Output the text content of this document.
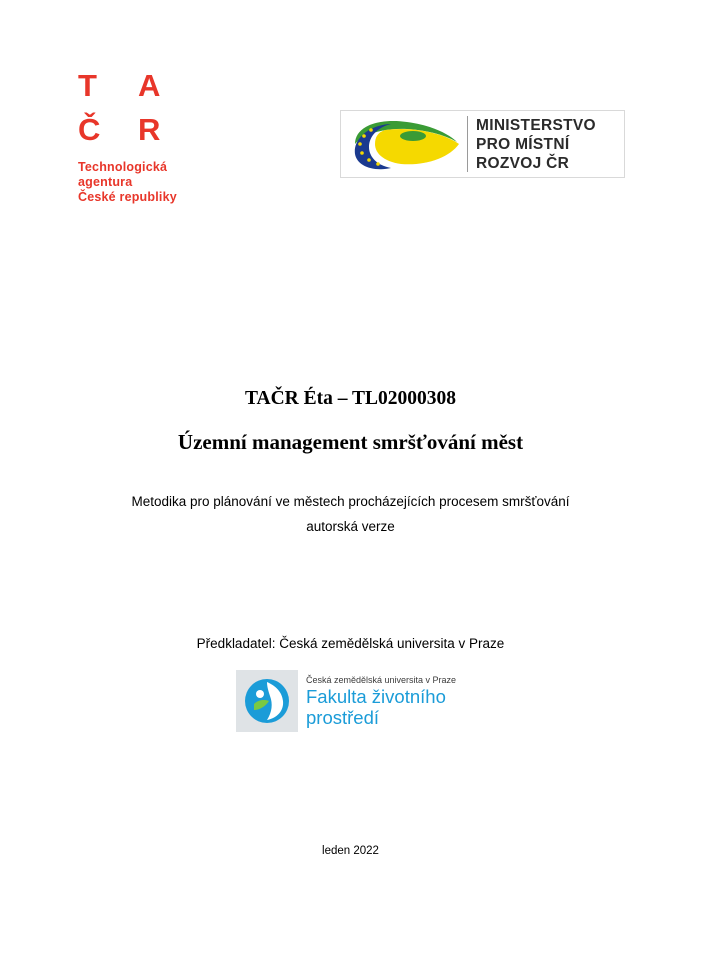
T	A
Č	R
Technologická
agentura
České republiky
MINISTERSTVO
PRO MÍSTNÍ
ROZVOJ ČR
TAČR Éta – TL02000308
Územní management smršťování měst
Metodika pro plánování ve městech procházejících procesem smršťování
autorská verze
Předkladatel: Česká zemědělská universita v Praze
Česká zemědělská universita v Praze
Fakulta životního
prostředí
leden 2022
